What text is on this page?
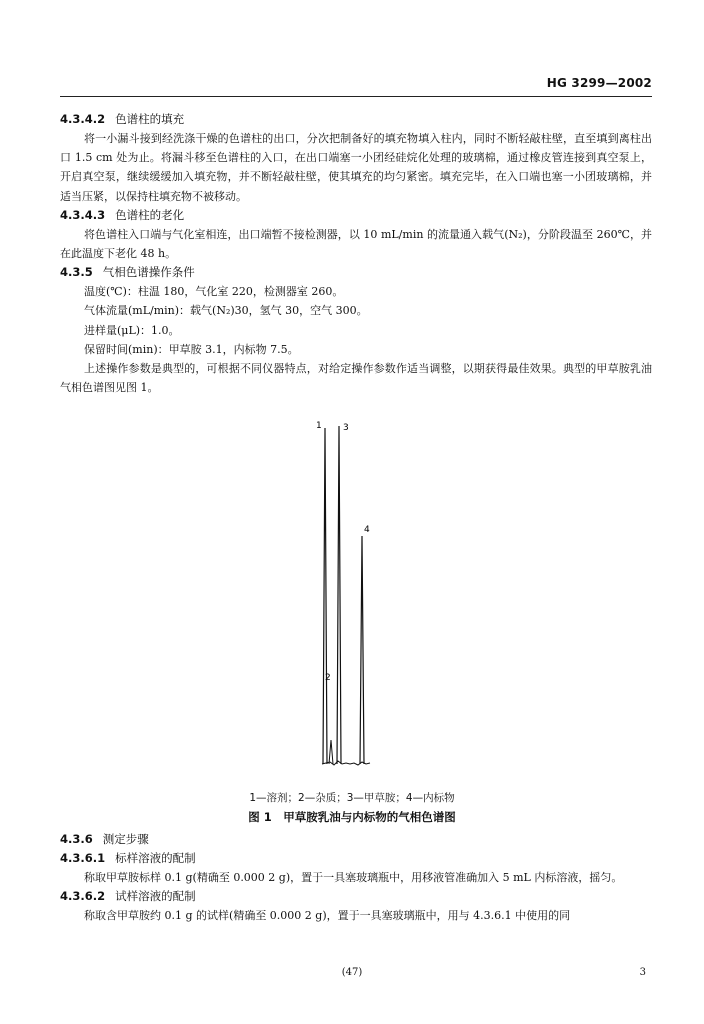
HG 3299—2002

4.3.4.2 色谱柱的填充

将一小漏斗接到经洗涤干燥的色谱柱的出口，分次把制备好的填充物填入柱内，同时不断轻敲柱壁，直至填到离柱出口 1.5 cm 处为止。将漏斗移至色谱柱的入口，在出口端塞一小团经硅烷化处理的玻璃棉，通过橡皮管连接到真空泵上，开启真空泵，继续缓缓加入填充物，并不断轻敲柱壁，使其填充的均匀紧密。填充完毕，在入口端也塞一小团玻璃棉，并适当压紧，以保持柱填充物不被移动。

4.3.4.3 色谱柱的老化

将色谱柱入口端与气化室相连，出口端暂不接检测器，以 10 mL/min 的流量通入载气(N₂)，分阶段温至 260℃，并在此温度下老化 48 h。

4.3.5 气相色谱操作条件

温度(℃)：柱温 180，气化室 220，检测器室 260。

气体流量(mL/min)：载气(N₂)30，氢气 30，空气 300。

进样量(μL)：1.0。

保留时间(min)：甲草胺 3.1，内标物 7.5。

上述操作参数是典型的，可根据不同仪器特点，对给定操作参数作适当调整，以期获得最佳效果。典型的甲草胺乳油气相色谱图见图 1。

1
2
3
4
1—溶剂；2—杂质；3—甲草胺；4—内标物
图 1　甲草胺乳油与内标物的气相色谱图

4.3.6 测定步骤

4.3.6.1 标样溶液的配制

称取甲草胺标样 0.1 g(精确至 0.000 2 g)，置于一具塞玻璃瓶中，用移液管准确加入 5 mL 内标溶液，摇匀。

4.3.6.2 试样溶液的配制

称取含甲草胺约 0.1 g 的试样(精确至 0.000 2 g)，置于一具塞玻璃瓶中，用与 4.3.6.1 中使用的同

(47)	3
